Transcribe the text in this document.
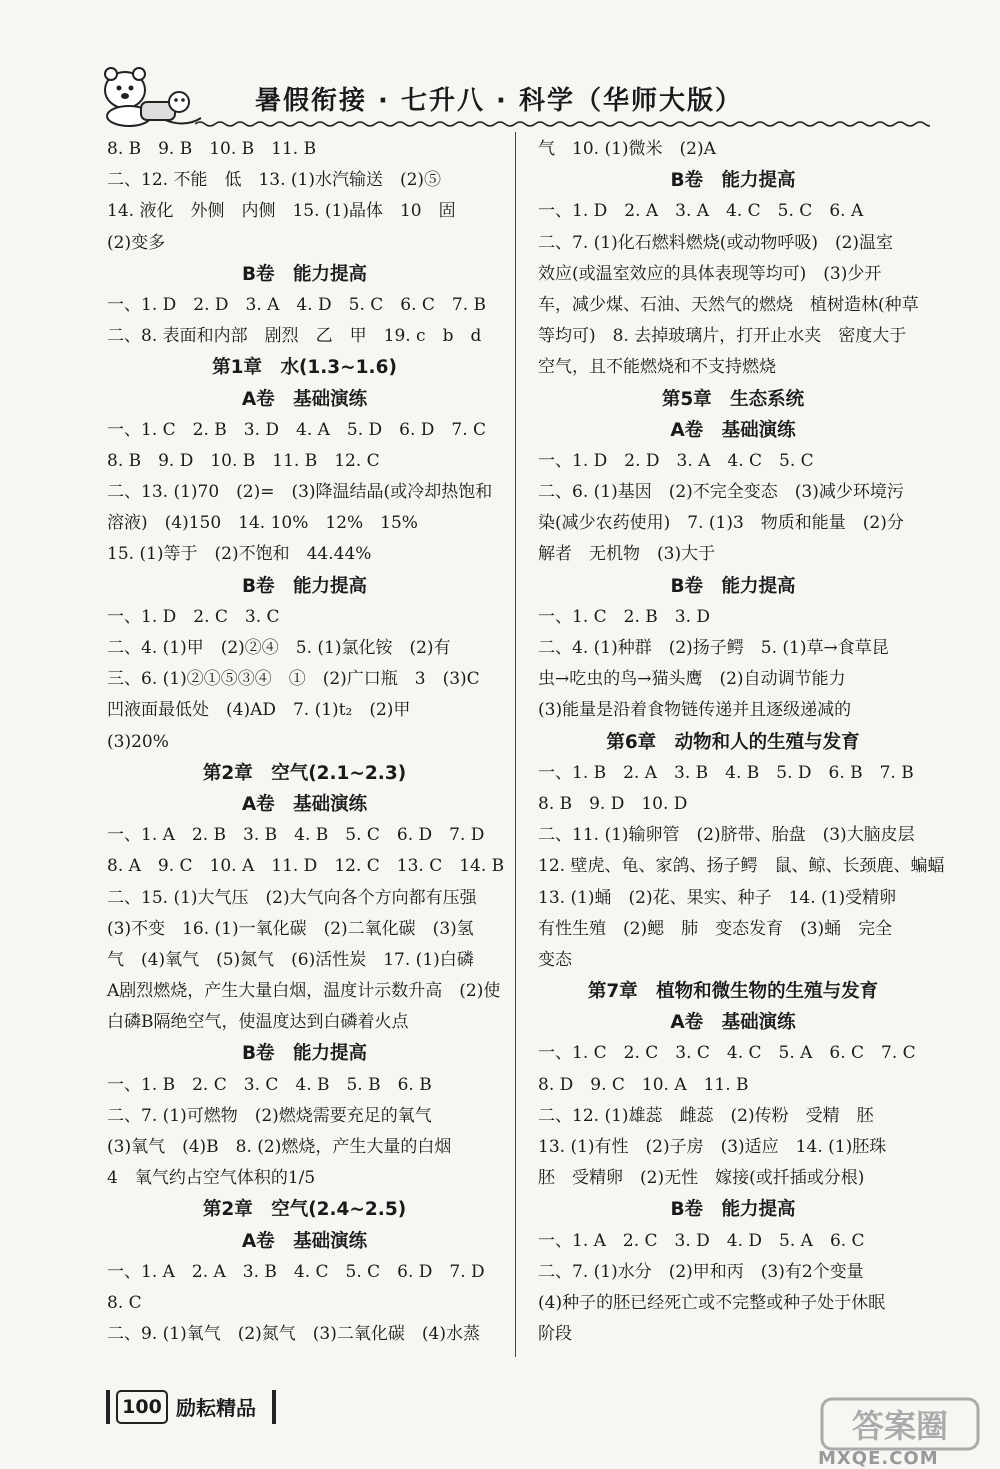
暑假衔接 · 七升八 · 科学（华师大版）
8. B　9. B　10. B　11. B
二、12. 不能　低　13. (1)水汽输送　(2)⑤
14. 液化　外侧　内侧　15. (1)晶体　10　固
(2)变多
B卷　能力提高
一、1. D　2. D　3. A　4. D　5. C　6. C　7. B
二、8. 表面和内部　剧烈　乙　甲　19. c　b　d
第1章　水(1.3~1.6)
A卷　基础演练
一、1. C　2. B　3. D　4. A　5. D　6. D　7. C
8. B　9. D　10. B　11. B　12. C
二、13. (1)70　(2)=　(3)降温结晶(或冷却热饱和
溶液)　(4)150　14. 10%　12%　15%
15. (1)等于　(2)不饱和　44.44%
B卷　能力提高
一、1. D　2. C　3. C
二、4. (1)甲　(2)②④　5. (1)氯化铵　(2)有
三、6. (1)②①⑤③④　①　(2)广口瓶　3　(3)C
凹液面最低处　(4)AD　7. (1)t₂　(2)甲
(3)20%
第2章　空气(2.1~2.3)
A卷　基础演练
一、1. A　2. B　3. B　4. B　5. C　6. D　7. D
8. A　9. C　10. A　11. D　12. C　13. C　14. B
二、15. (1)大气压　(2)大气向各个方向都有压强
(3)不变　16. (1)一氧化碳　(2)二氧化碳　(3)氢
气　(4)氧气　(5)氮气　(6)活性炭　17. (1)白磷
A剧烈燃烧，产生大量白烟，温度计示数升高　(2)使
白磷B隔绝空气，使温度达到白磷着火点
B卷　能力提高
一、1. B　2. C　3. C　4. B　5. B　6. B
二、7. (1)可燃物　(2)燃烧需要充足的氧气
(3)氧气　(4)B　8. (2)燃烧，产生大量的白烟
4　氧气约占空气体积的1/5
第2章　空气(2.4~2.5)
A卷　基础演练
一、1. A　2. A　3. B　4. C　5. C　6. D　7. D
8. C
二、9. (1)氧气　(2)氮气　(3)二氧化碳　(4)水蒸
气　10. (1)微米　(2)A
B卷　能力提高
一、1. D　2. A　3. A　4. C　5. C　6. A
二、7. (1)化石燃料燃烧(或动物呼吸)　(2)温室
效应(或温室效应的具体表现等均可)　(3)少开
车，减少煤、石油、天然气的燃烧　植树造林(种草
等均可)　8. 去掉玻璃片，打开止水夹　密度大于
空气，且不能燃烧和不支持燃烧
第5章　生态系统
A卷　基础演练
一、1. D　2. D　3. A　4. C　5. C
二、6. (1)基因　(2)不完全变态　(3)减少环境污
染(减少农药使用)　7. (1)3　物质和能量　(2)分
解者　无机物　(3)大于
B卷　能力提高
一、1. C　2. B　3. D
二、4. (1)种群　(2)扬子鳄　5. (1)草→食草昆
虫→吃虫的鸟→猫头鹰　(2)自动调节能力
(3)能量是沿着食物链传递并且逐级递减的
第6章　动物和人的生殖与发育
一、1. B　2. A　3. B　4. B　5. D　6. B　7. B
8. B　9. D　10. D
二、11. (1)输卵管　(2)脐带、胎盘　(3)大脑皮层
12. 壁虎、龟、家鸽、扬子鳄　鼠、鲸、长颈鹿、蝙蝠
13. (1)蛹　(2)花、果实、种子　14. (1)受精卵
有性生殖　(2)鳃　肺　变态发育　(3)蛹　完全
变态
第7章　植物和微生物的生殖与发育
A卷　基础演练
一、1. C　2. C　3. C　4. C　5. A　6. C　7. C
8. D　9. C　10. A　11. B
二、12. (1)雄蕊　雌蕊　(2)传粉　受精　胚
13. (1)有性　(2)子房　(3)适应　14. (1)胚珠
胚　受精卵　(2)无性　嫁接(或扦插或分根)
B卷　能力提高
一、1. A　2. C　3. D　4. D　5. A　6. C
二、7. (1)水分　(2)甲和丙　(3)有2个变量
(4)种子的胚已经死亡或不完整或种子处于休眠
阶段
100 励耘精品	答案圈
MXQE.COM
